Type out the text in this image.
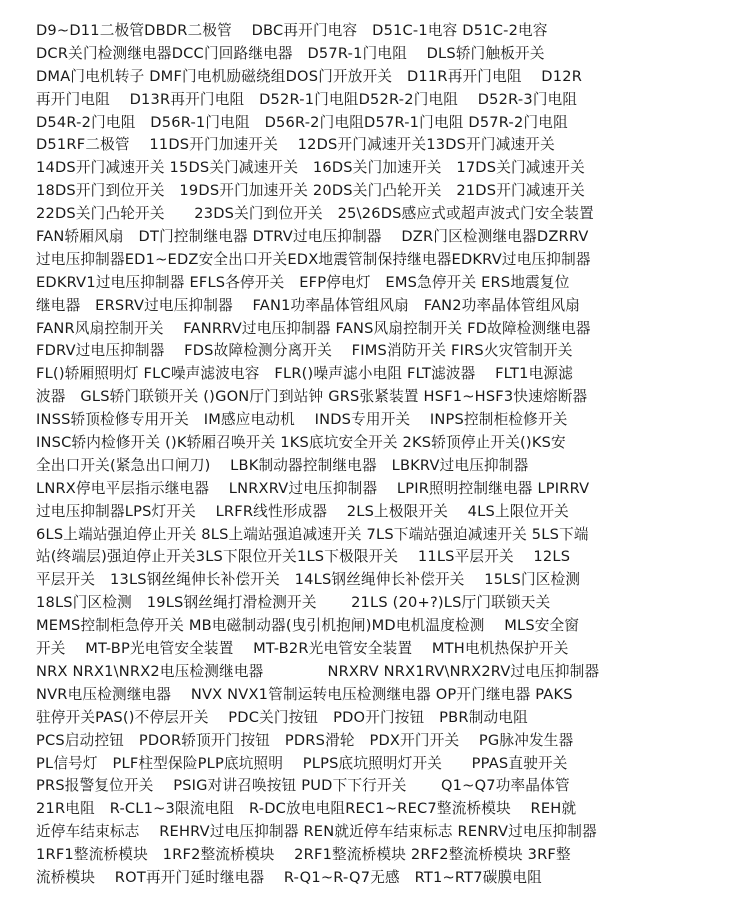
D9~D11二极管DBDR二极管　 DBC再开门电容　D51C-1电容 D51C-2电容
DCR关门检测继电器DCC门回路继电器　D57R-1门电阻　 DLS轿门触板开关
DMA门电机转子 DMF门电机励磁绕组DOS门开放开关　D11R再开门电阻　 D12R
再开门电阻　 D13R再开门电阻　D52R-1门电阻D52R-2门电阻　 D52R-3门电阻
D54R-2门电阻　D56R-1门电阻　D56R-2门电阻D57R-1门电阻 D57R-2门电阻
D51RF二极管　 11DS开门加速开关　 12DS开门减速开关13DS开门减速开关
14DS开门减速开关 15DS关门减速开关　16DS关门加速开关　17DS关门减速开关
18DS开门到位开关　19DS开门加速开关 20DS关门凸轮开关　21DS开门减速开关
22DS关门凸轮开关　　23DS关门到位开关　25\26DS感应式或超声波式门安全装置
FAN轿厢风扇　DT门控制继电器 DTRV过电压抑制器　 DZR门区检测继电器DZRRV
过电压抑制器ED1~EDZ安全出口开关EDX地震管制保持继电器EDKRV过电压抑制器
EDKRV1过电压抑制器 EFLS各停开关　EFP停电灯　EMS急停开关 ERS地震复位
继电器　ERSRV过电压抑制器　 FAN1功率晶体管组风扇　FAN2功率晶体管组风扇
FANR风扇控制开关　 FANRRV过电压抑制器 FANS风扇控制开关 FD故障检测继电器
FDRV过电压抑制器　 FDS故障检测分离开关　 FIMS消防开关 FIRS火灾管制开关
FL()轿厢照明灯 FLC噪声滤波电容　FLR()噪声滤小电阻 FLT滤波器　 FLT1电源滤
波器　GLS轿门联锁开关 ()GON厅门到站钟 GRS张紧装置 HSF1~HSF3快速熔断器
INSS轿顶检修专用开关　IM感应电动机　 INDS专用开关　 INPS控制柜检修开关
INSC轿内检修开关 ()K轿厢召唤开关 1KS底坑安全开关 2KS轿顶停止开关()KS安
全出口开关(紧急出口闸刀)　 LBK制动器控制继电器　LBKRV过电压抑制器
LNRX停电平层指示继电器　 LNRXRV过电压抑制器　 LPIR照明控制继电器 LPIRRV
过电压抑制器LPS灯开关　 LRFR线性形成器　 2LS上极限开关　 4LS上限位开关
6LS上端站强迫停止开关 8LS上端站强追减速开关 7LS下端站强迫减速开关 5LS下端
站(终端层)强迫停止开关3LS下限位开关1LS下极限开关　 11LS平层开关　 12LS
平层开关　13LS钢丝绳伸长补偿开关　14LS钢丝绳伸长补偿开关　 15LS门区检测
18LS门区检测　19LS钢丝绳打滑检测开关　　 21LS (20+?)LS厅门联锁天关
MEMS控制柜急停开关 MB电磁制动器(曳引机抱闸)MD电机温度检测　 MLS安全窗
开关　 MT-BP光电管安全装置　 MT-B2R光电管安全装置　 MTH电机热保护开关
NRX NRX1\NRX2电压检测继电器　　　　 NRXRV NRX1RV\NRX2RV过电压抑制器
NVR电压检测继电器　 NVX NVX1管制运转电压检测继电器 OP开门继电器 PAKS
驻停开关PAS()不停层开关　 PDC关门按钮　PDO开门按钮　PBR制动电阻
PCS启动控钮　PDOR轿顶开门按钮　PDRS滑轮　PDX开门开关　 PG脉冲发生器
PL信号灯　PLF柱型保险PLP底坑照明　 PLPS底坑照明灯开关　　PPAS直驶开关
PRS报警复位开关　 PSIG对讲召唤按钮 PUD下下行开关　　 Q1~Q7功率晶体管
21R电阻　R-CL1~3限流电阻　R-DC放电电阻REC1~REC7整流桥模块　 REH就
近停车结束标志　 REHRV过电压抑制器 REN就近停车结束标志 RENRV过电压抑制器
1RF1整流桥模块　1RF2整流桥模块　 2RF1整流桥模块 2RF2整流桥模块 3RF整
流桥模块　 ROT再开门延时继电器　 R-Q1~R-Q7无感　RT1~RT7碳膜电阻
